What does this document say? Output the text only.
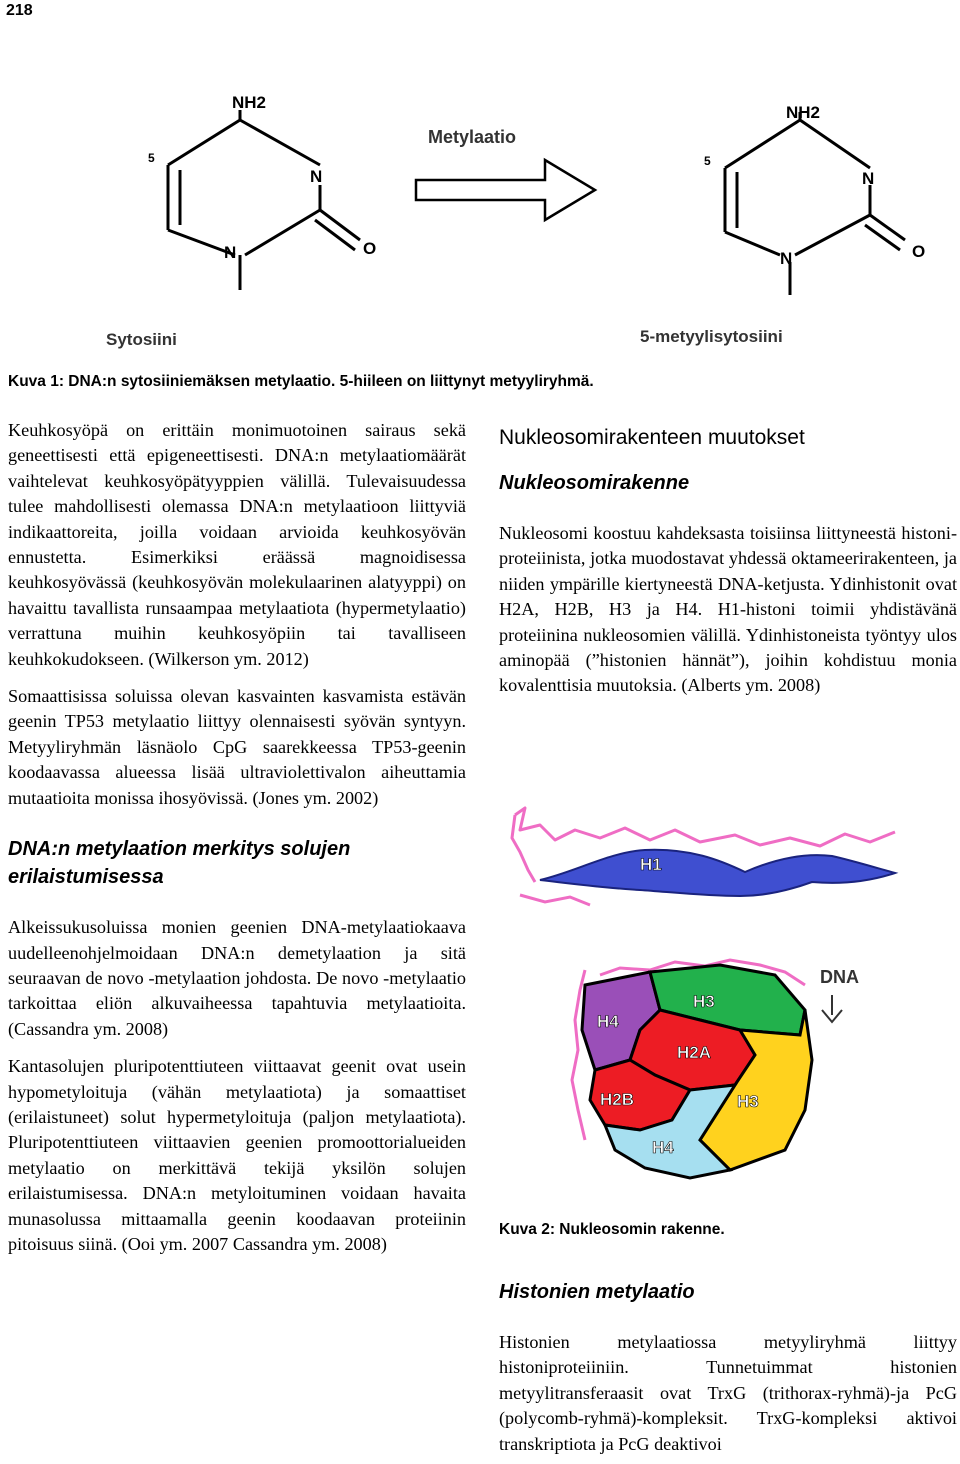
218
NH2
5
N
N	O
Sytosiini
Metylaatio
NH2
5
N
N	O
5-metyylisytosiini
Kuva 1: DNA:n sytosiiniemäksen metylaatio. 5-hiileen on liittynyt metyyliryhmä.

Keuhkosyöpä on erittäin monimuotoinen sairaus sekä geneettisesti että epigeneettisesti. DNA:n metylaatiomäärät vaihtelevat keuhkosyöpätyyppien välillä. Tulevaisuudessa tulee mahdollisesti olemassa DNA:n metylaatioon liittyviä indikaattoreita, joilla voidaan arvioida keuhkosyövän ennustetta. Esimerkiksi eräässä magnoidisessa keuhkosyövässä (keuhkosyövän molekulaarinen alatyyppi) on havaittu tavallista runsaampaa metylaatiota (hypermetylaatio) verrattuna muihin keuhkosyöpiin tai tavalliseen keuhkokudokseen. (Wilkerson ym. 2012)

Somaattisissa soluissa olevan kasvainten kasvamista estävän geenin TP53 metylaatio liittyy olennaisesti syövän syntyyn. Metyyliryhmän läsnäolo CpG saarekkeessa TP53-geenin koodaavassa alueessa lisää ultraviolettivalon aiheuttamia mutaatioita monissa ihosyövissä. (Jones ym. 2002)

DNA:n metylaation merkitys solujen erilaistumisessa

Alkeissukusoluissa monien geenien DNA-metylaatiokaava uudelleenohjelmoidaan DNA:n demetylaation ja sitä seuraavan de novo -metylaation johdosta. De novo -metylaatio tarkoittaa eliön alkuvaiheessa tapahtuvia metylaatioita. (Cassandra ym. 2008)

Kantasolujen pluripotenttiuteen viittaavat geenit ovat usein hypometyloituja (vähän metylaatiota) ja somaattiset (erilaistuneet) solut hypermetyloituja (paljon metylaatiota). Pluripotenttiuteen viittaavien geenien promoottorialueiden metylaatio on merkittävä tekijä yksilön solujen erilaistumisessa. DNA:n metyloituminen voidaan havaita munasolussa mittaamalla geenin koodaavan proteiinin pitoisuus siinä. (Ooi ym. 2007 Cassandra ym. 2008)

Nukleosomirakenteen muutokset
Nukleosomirakenne

Nukleosomi koostuu kahdeksasta toisiinsa liittyneestä histoni-proteiinista, jotka muodostavat yhdessä oktameerirakenteen, ja niiden ympärille kiertyneestä DNA-ketjusta. Ydinhistonit ovat H2A, H2B, H3 ja H4. H1-histoni toimii yhdistävänä proteiinina nukleosomien välillä. Ydinhistoneista työntyy ulos aminopää (”histonien hännät”), joihin kohdistuu monia kovalenttisia muutoksia. (Alberts ym. 2008)

H1
H4
H3
H2A
H2B	H3
H4
DNA
Kuva 2: Nukleosomin rakenne.
Histonien metylaatio

Histonien metylaatiossa metyyliryhmä liittyy histoniproteiiniin. Tunnetuimmat histonien metyylitransferaasit ovat TrxG (trithorax-ryhmä)-ja PcG (polycomb-ryhmä)-kompleksit. TrxG-kompleksi aktivoi transkriptiota ja PcG deaktivoi
